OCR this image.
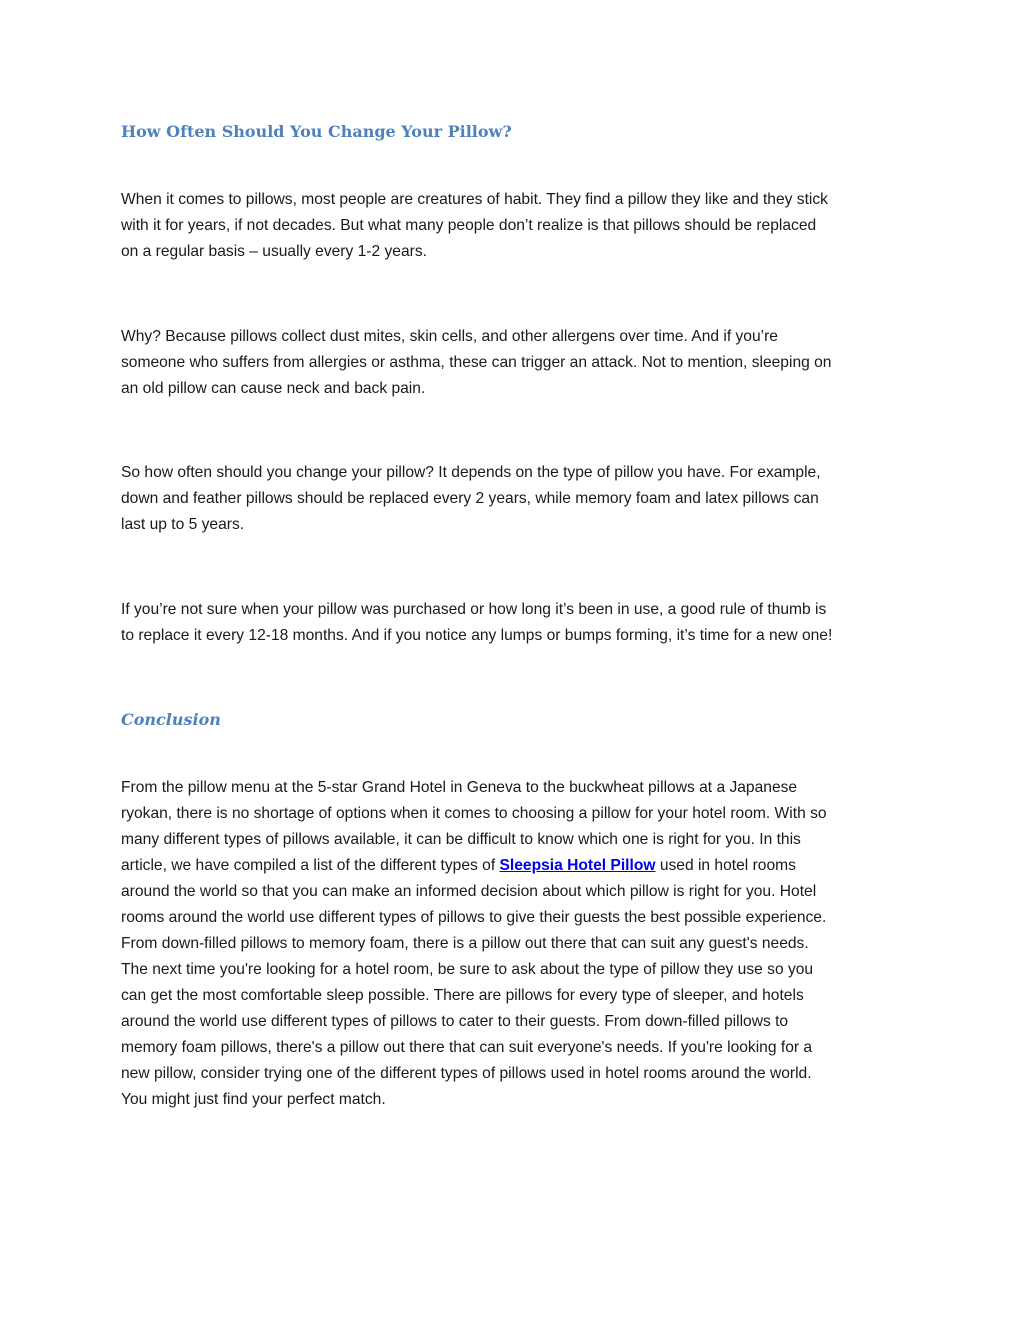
How Often Should You Change Your Pillow?

When it comes to pillows, most people are creatures of habit. They find a pillow they like and they stick
with it for years, if not decades. But what many people don’t realize is that pillows should be replaced
on a regular basis – usually every 1-2 years.

Why? Because pillows collect dust mites, skin cells, and other allergens over time. And if you’re
someone who suffers from allergies or asthma, these can trigger an attack. Not to mention, sleeping on
an old pillow can cause neck and back pain.

So how often should you change your pillow? It depends on the type of pillow you have. For example,
down and feather pillows should be replaced every 2 years, while memory foam and latex pillows can
last up to 5 years.

If you’re not sure when your pillow was purchased or how long it’s been in use, a good rule of thumb is
to replace it every 12-18 months. And if you notice any lumps or bumps forming, it’s time for a new one!

Conclusion

From the pillow menu at the 5-star Grand Hotel in Geneva to the buckwheat pillows at a Japanese
ryokan, there is no shortage of options when it comes to choosing a pillow for your hotel room. With so
many different types of pillows available, it can be difficult to know which one is right for you. In this
article, we have compiled a list of the different types of Sleepsia Hotel Pillow used in hotel rooms
around the world so that you can make an informed decision about which pillow is right for you. Hotel
rooms around the world use different types of pillows to give their guests the best possible experience.
From down-filled pillows to memory foam, there is a pillow out there that can suit any guest's needs.
The next time you're looking for a hotel room, be sure to ask about the type of pillow they use so you
can get the most comfortable sleep possible. There are pillows for every type of sleeper, and hotels
around the world use different types of pillows to cater to their guests. From down-filled pillows to
memory foam pillows, there's a pillow out there that can suit everyone's needs. If you're looking for a
new pillow, consider trying one of the different types of pillows used in hotel rooms around the world.
You might just find your perfect match.
